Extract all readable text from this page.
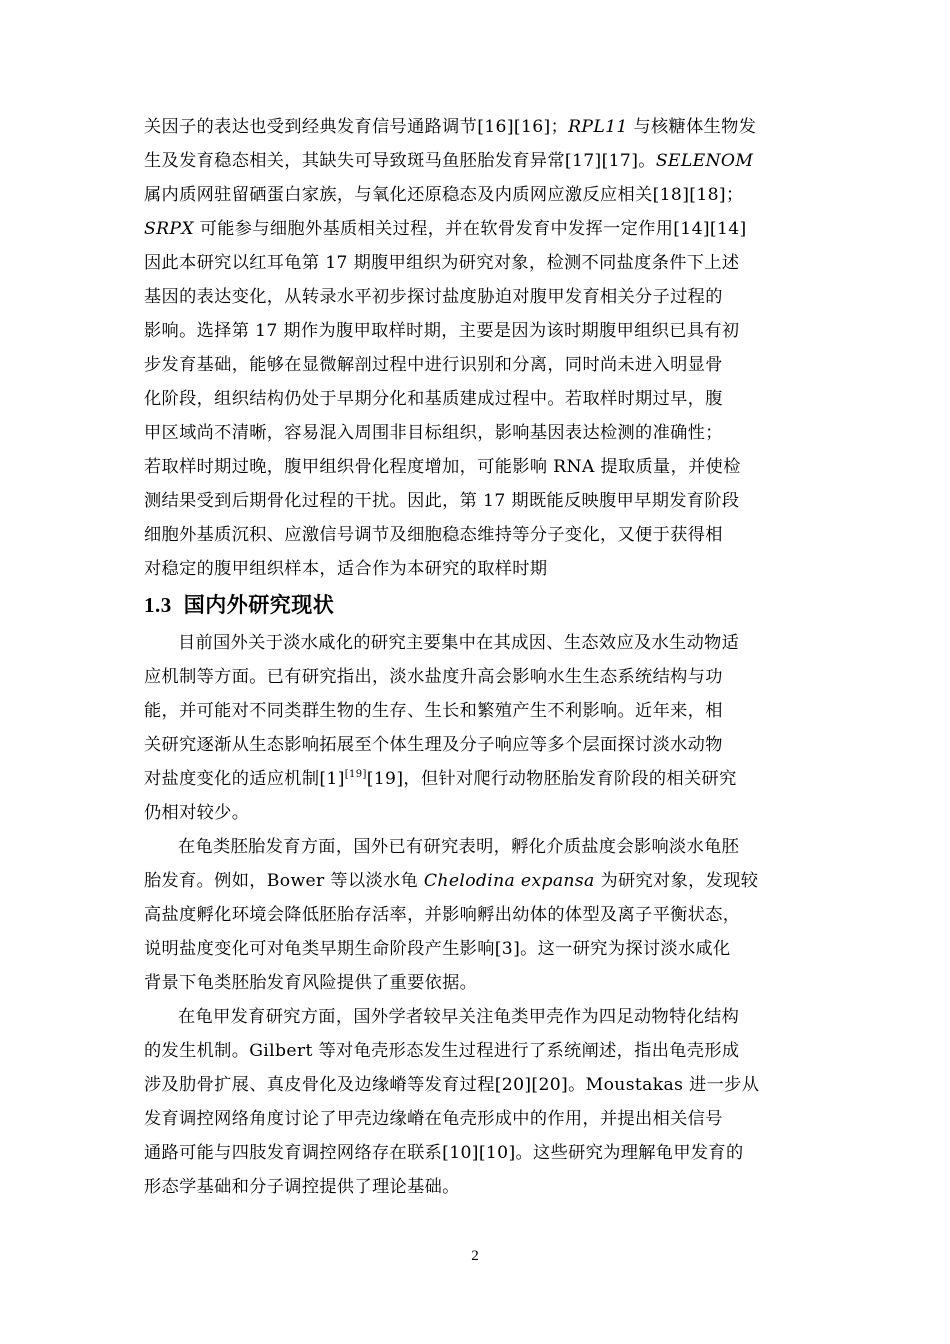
关因子的表达也受到经典发育信号通路调节[16][16]；RPL11 与核糖体生物发
生及发育稳态相关，其缺失可导致斑马鱼胚胎发育异常[17][17]。SELENOM
属内质网驻留硒蛋白家族，与氧化还原稳态及内质网应激反应相关[18][18]；
SRPX 可能参与细胞外基质相关过程，并在软骨发育中发挥一定作用[14][14]
因此本研究以红耳龟第 17 期腹甲组织为研究对象，检测不同盐度条件下上述
基因的表达变化，从转录水平初步探讨盐度胁迫对腹甲发育相关分子过程的
影响。选择第 17 期作为腹甲取样时期，主要是因为该时期腹甲组织已具有初
步发育基础，能够在显微解剖过程中进行识别和分离，同时尚未进入明显骨
化阶段，组织结构仍处于早期分化和基质建成过程中。若取样时期过早，腹
甲区域尚不清晰，容易混入周围非目标组织，影响基因表达检测的准确性；
若取样时期过晚，腹甲组织骨化程度增加，可能影响 RNA 提取质量，并使检
测结果受到后期骨化过程的干扰。因此，第 17 期既能反映腹甲早期发育阶段
细胞外基质沉积、应激信号调节及细胞稳态维持等分子变化，又便于获得相
对稳定的腹甲组织样本，适合作为本研究的取样时期
1.3 国内外研究现状
目前国外关于淡水咸化的研究主要集中在其成因、生态效应及水生动物适
应机制等方面。已有研究指出，淡水盐度升高会影响水生生态系统结构与功
能，并可能对不同类群生物的生存、生长和繁殖产生不利影响。近年来，相
关研究逐渐从生态影响拓展至个体生理及分子响应等多个层面探讨淡水动物
对盐度变化的适应机制[1][19][19]，但针对爬行动物胚胎发育阶段的相关研究
仍相对较少。
在龟类胚胎发育方面，国外已有研究表明，孵化介质盐度会影响淡水龟胚
胎发育。例如，Bower 等以淡水龟 Chelodina expansa 为研究对象，发现较
高盐度孵化环境会降低胚胎存活率，并影响孵出幼体的体型及离子平衡状态，
说明盐度变化可对龟类早期生命阶段产生影响[3]。这一研究为探讨淡水咸化
背景下龟类胚胎发育风险提供了重要依据。
在龟甲发育研究方面，国外学者较早关注龟类甲壳作为四足动物特化结构
的发生机制。Gilbert 等对龟壳形态发生过程进行了系统阐述，指出龟壳形成
涉及肋骨扩展、真皮骨化及边缘嵴等发育过程[20][20]。Moustakas 进一步从
发育调控网络角度讨论了甲壳边缘嵴在龟壳形成中的作用，并提出相关信号
通路可能与四肢发育调控网络存在联系[10][10]。这些研究为理解龟甲发育的
形态学基础和分子调控提供了理论基础。
2
